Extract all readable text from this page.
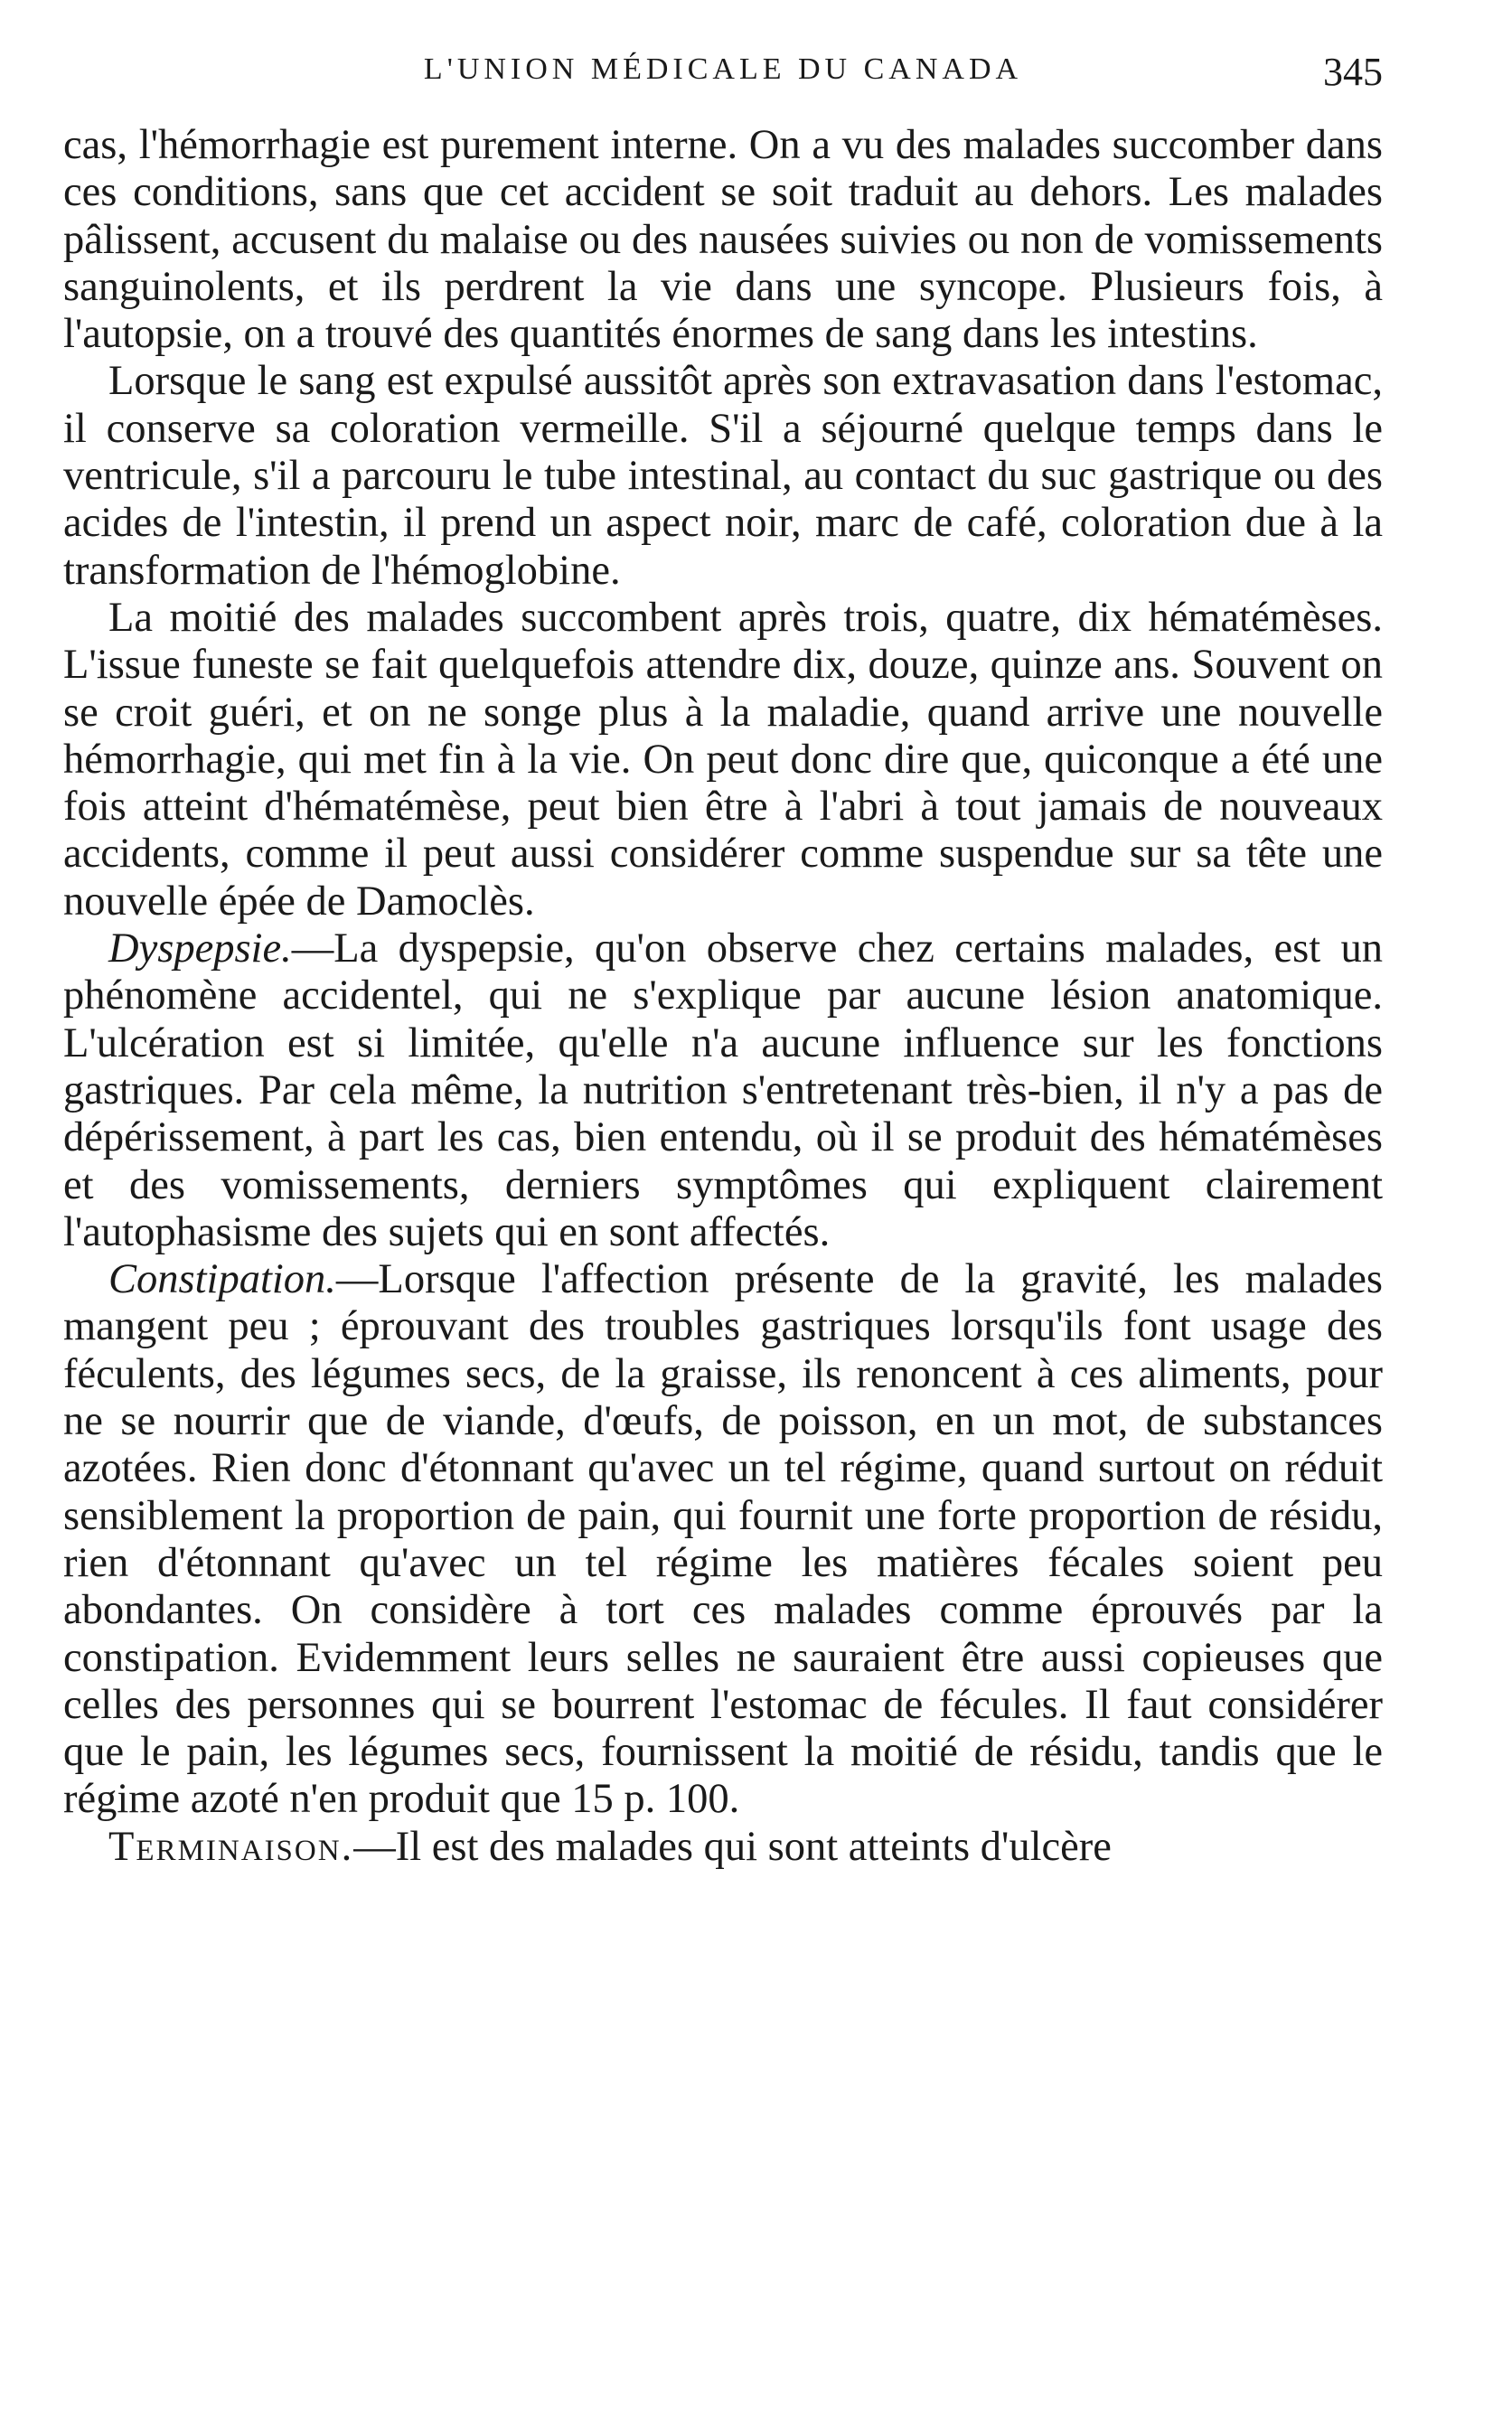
L'UNION MÉDICALE DU CANADA	345

cas, l'hémorrhagie est purement interne. On a vu des malades succomber dans ces conditions, sans que cet accident se soit traduit au dehors. Les malades pâlissent, accusent du malaise ou des nausées suivies ou non de vomissements sanguinolents, et ils perdrent la vie dans une syncope. Plusieurs fois, à l'autopsie, on a trouvé des quantités énormes de sang dans les intestins.

Lorsque le sang est expulsé aussitôt après son extravasation dans l'estomac, il conserve sa coloration vermeille. S'il a séjourné quelque temps dans le ventricule, s'il a parcouru le tube intestinal, au contact du suc gastrique ou des acides de l'intestin, il prend un aspect noir, marc de café, coloration due à la transformation de l'hémoglobine.

La moitié des malades succombent après trois, quatre, dix hématémèses. L'issue funeste se fait quelquefois attendre dix, douze, quinze ans. Souvent on se croit guéri, et on ne songe plus à la maladie, quand arrive une nouvelle hémorrhagie, qui met fin à la vie. On peut donc dire que, quiconque a été une fois atteint d'hématémèse, peut bien être à l'abri à tout jamais de nouveaux accidents, comme il peut aussi considérer comme suspendue sur sa tête une nouvelle épée de Damoclès.

Dyspepsie.—La dyspepsie, qu'on observe chez certains malades, est un phénomène accidentel, qui ne s'explique par aucune lésion anatomique. L'ulcération est si limitée, qu'elle n'a aucune influence sur les fonctions gastriques. Par cela même, la nutrition s'entretenant très-bien, il n'y a pas de dépérissement, à part les cas, bien entendu, où il se produit des hématémèses et des vomissements, derniers symptômes qui expliquent clairement l'autophasisme des sujets qui en sont affectés.

Constipation.—Lorsque l'affection présente de la gravité, les malades mangent peu ; éprouvant des troubles gastriques lorsqu'ils font usage des féculents, des légumes secs, de la graisse, ils renoncent à ces aliments, pour ne se nourrir que de viande, d'œufs, de poisson, en un mot, de substances azotées. Rien donc d'étonnant qu'avec un tel régime, quand surtout on réduit sensiblement la proportion de pain, qui fournit une forte proportion de résidu, rien d'étonnant qu'avec un tel régime les matières fécales soient peu abondantes. On considère à tort ces malades comme éprouvés par la constipation. Evidemment leurs selles ne sauraient être aussi copieuses que celles des personnes qui se bourrent l'estomac de fécules. Il faut considérer que le pain, les légumes secs, fournissent la moitié de résidu, tandis que le régime azoté n'en produit que 15 p. 100.

Terminaison.—Il est des malades qui sont atteints d'ulcère
